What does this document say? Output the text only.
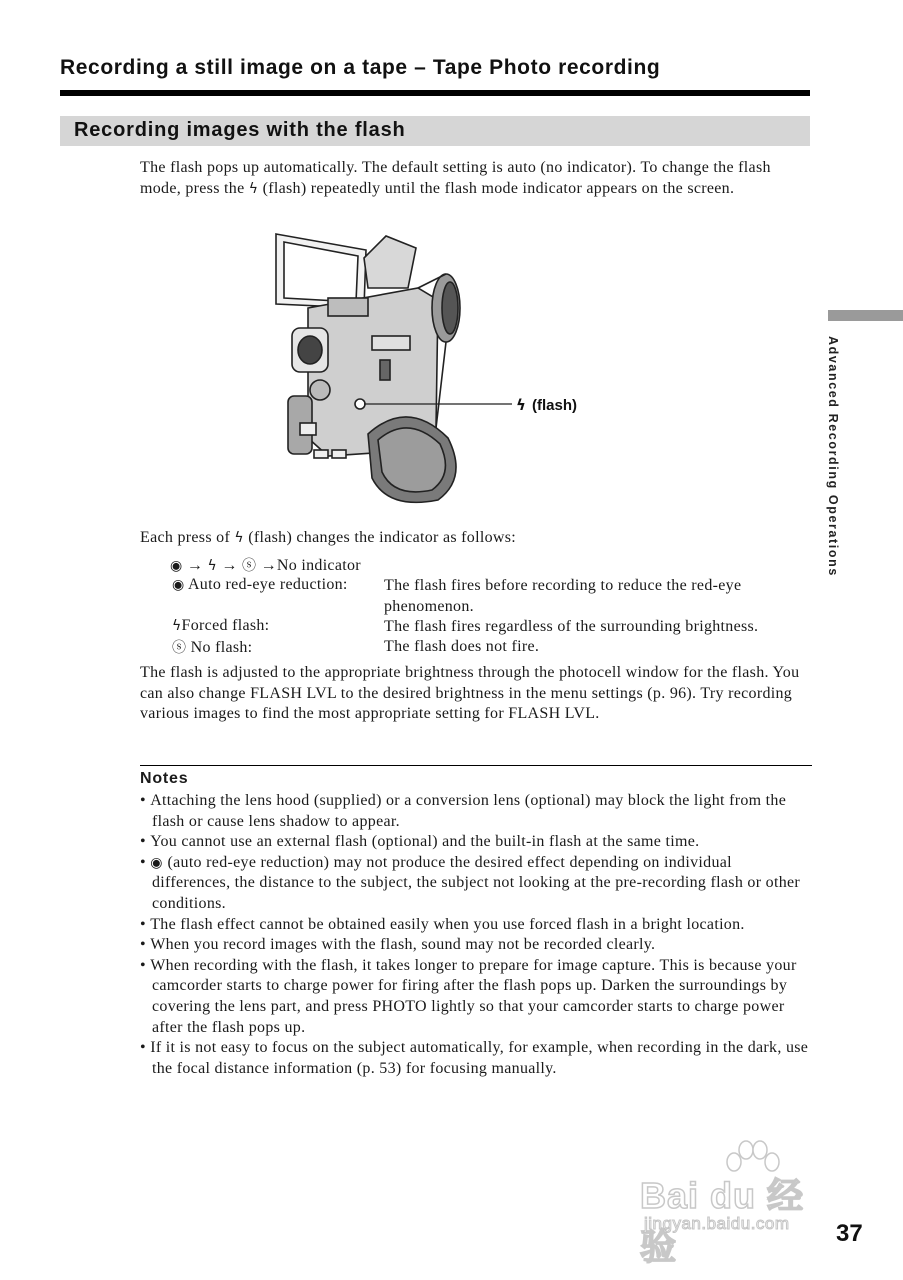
Recording a still image on a tape – Tape Photo recording
Recording images with the flash
The flash pops up automatically. The default setting is auto (no indicator). To change the flash mode, press the ϟ (flash) repeatedly until the flash mode indicator appears on the screen.
ϟ (flash)	Advanced Recording Operations
Each press of ϟ (flash) changes the indicator as follows:
◉ → ϟ → ⓢ →No indicator
◉ Auto red-eye reduction: The flash fires before recording to reduce the red-eye phenomenon.
ϟForced flash:	The flash fires regardless of the surrounding brightness.
ⓢ No flash:	The flash does not fire.
The flash is adjusted to the appropriate brightness through the photocell window for the flash. You can also change FLASH LVL to the desired brightness in the menu settings (p. 96). Try recording various images to find the most appropriate setting for FLASH LVL.
Notes
• Attaching the lens hood (supplied) or a conversion lens (optional) may block the light from the flash or cause lens shadow to appear.
• You cannot use an external flash (optional) and the built-in flash at the same time.
• ◉ (auto red-eye reduction) may not produce the desired effect depending on individual differences, the distance to the subject, the subject not looking at the pre-recording flash or other conditions.
• The flash effect cannot be obtained easily when you use forced flash in a bright location.
• When you record images with the flash, sound may not be recorded clearly.
• When recording with the flash, it takes longer to prepare for image capture. This is because your camcorder starts to charge power for firing after the flash pops up. Darken the surroundings by covering the lens part, and press PHOTO lightly so that your camcorder starts to charge power after the flash pops up.
• If it is not easy to focus on the subject automatically, for example, when recording in the dark, use the focal distance information (p. 53) for focusing manually.
Bai du 经验
jingyan.baidu.com 37
